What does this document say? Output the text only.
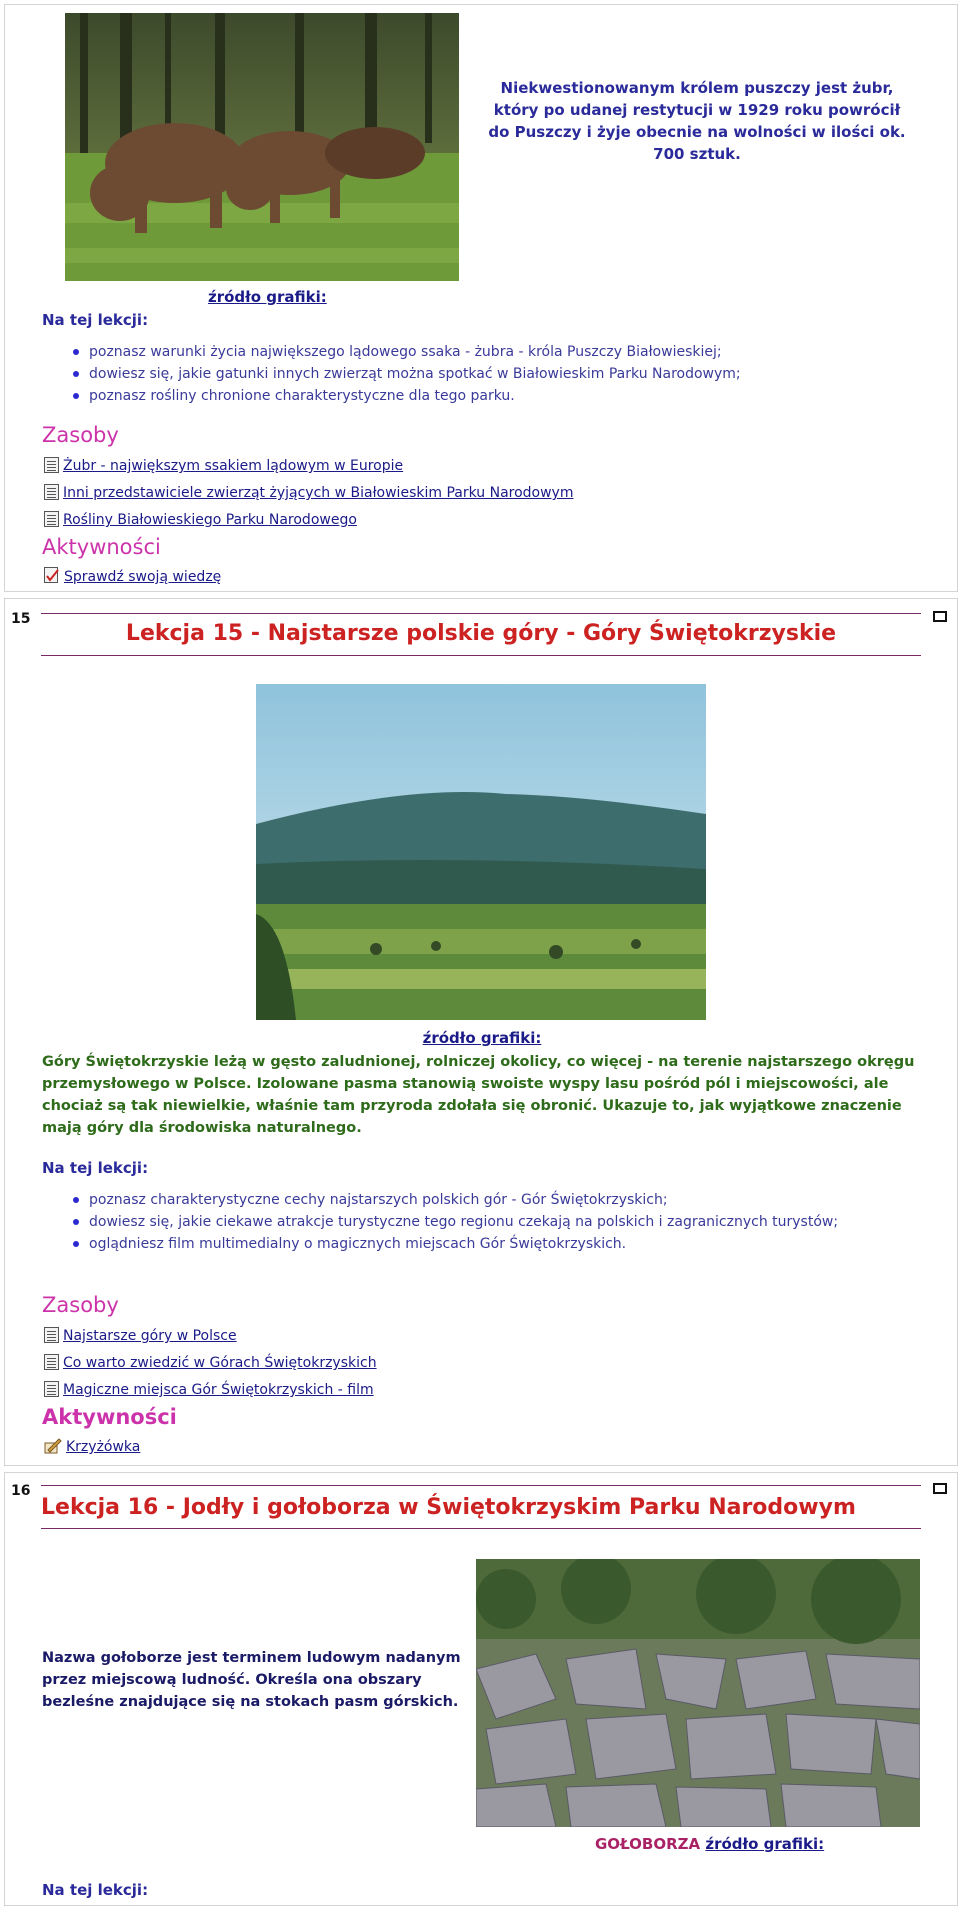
Niekwestionowanym królem puszczy jest żubr, który po udanej restytucji w 1929 roku powrócił do Puszczy i żyje obecnie na wolności w ilości ok. 700 sztuk.
źródło grafiki:
Na tej lekcji:
poznasz warunki życia największego lądowego ssaka - żubra - króla Puszczy Białowieskiej;
dowiesz się, jakie gatunki innych zwierząt można spotkać w Białowieskim Parku Narodowym;
poznasz rośliny chronione charakterystyczne dla tego parku.
Zasoby
Żubr - największym ssakiem lądowym w Europie
Inni przedstawiciele zwierząt żyjących w Białowieskim Parku Narodowym
Rośliny Białowieskiego Parku Narodowego
Aktywności
Sprawdź swoją wiedzę
15
Lekcja 15 - Najstarsze polskie góry - Góry Świętokrzyskie
źródło grafiki:
Góry Świętokrzyskie leżą w gęsto zaludnionej, rolniczej okolicy, co więcej - na terenie najstarszego okręgu przemysłowego w Polsce. Izolowane pasma stanowią swoiste wyspy lasu pośród pól i miejscowości, ale chociaż są tak niewielkie, właśnie tam przyroda zdołała się obronić. Ukazuje to, jak wyjątkowe znaczenie mają góry dla środowiska naturalnego.
Na tej lekcji:
poznasz charakterystyczne cechy najstarszych polskich gór - Gór Świętokrzyskich;
dowiesz się, jakie ciekawe atrakcje turystyczne tego regionu czekają na polskich i zagranicznych turystów;
oglądniesz film multimedialny o magicznych miejscach Gór Świętokrzyskich.
Zasoby
Najstarsze góry w Polsce
Co warto zwiedzić w Górach Świętokrzyskich
Magiczne miejsca Gór Świętokrzyskich - film
Aktywności
Krzyżówka
16
Lekcja 16 - Jodły i gołoborza w Świętokrzyskim Parku Narodowym
Nazwa gołoborze jest terminem ludowym nadanym przez miejscową ludność. Określa ona obszary bezleśne znajdujące się na stokach pasm górskich.
GOŁOBORZA źródło grafiki:
Na tej lekcji:
